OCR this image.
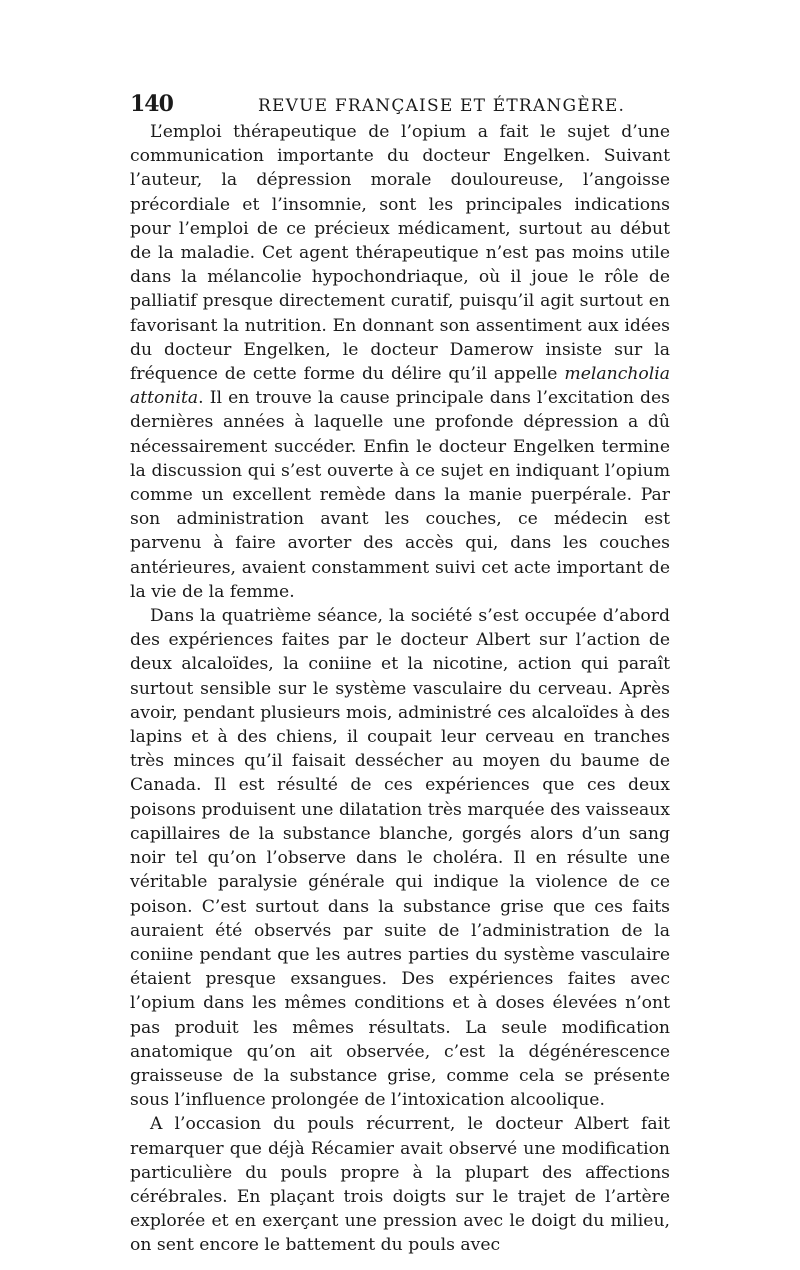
140	REVUE FRANÇAISE ET ÉTRANGÈRE.

L’emploi thérapeutique de l’opium a fait le sujet d’une communication importante du docteur Engelken. Suivant l’auteur, la dépression morale douloureuse, l’angoisse précordiale et l’insomnie, sont les principales indications pour l’emploi de ce précieux médicament, surtout au début de la maladie. Cet agent thérapeutique n’est pas moins utile dans la mélancolie hypochondriaque, où il joue le rôle de palliatif presque directement curatif, puisqu’il agit surtout en favorisant la nutrition. En donnant son assentiment aux idées du docteur Engelken, le docteur Damerow insiste sur la fréquence de cette forme du délire qu’il appelle melancholia attonita. Il en trouve la cause principale dans l’excitation des dernières années à laquelle une profonde dépression a dû nécessairement succéder. Enfin le docteur Engelken termine la discussion qui s’est ouverte à ce sujet en indiquant l’opium comme un excellent remède dans la manie puerpérale. Par son administration avant les couches, ce médecin est parvenu à faire avorter des accès qui, dans les couches antérieures, avaient constamment suivi cet acte important de la vie de la femme.

Dans la quatrième séance, la société s’est occupée d’abord des expériences faites par le docteur Albert sur l’action de deux alcaloïdes, la coniine et la nicotine, action qui paraît surtout sensible sur le système vasculaire du cerveau. Après avoir, pendant plusieurs mois, administré ces alcaloïdes à des lapins et à des chiens, il coupait leur cerveau en tranches très minces qu’il faisait dessécher au moyen du baume de Canada. Il est résulté de ces expériences que ces deux poisons produisent une dilatation très marquée des vaisseaux capillaires de la substance blanche, gorgés alors d’un sang noir tel qu’on l’observe dans le choléra. Il en résulte une véritable paralysie générale qui indique la violence de ce poison. C’est surtout dans la substance grise que ces faits auraient été observés par suite de l’administration de la coniine pendant que les autres parties du système vasculaire étaient presque exsangues. Des expériences faites avec l’opium dans les mêmes conditions et à doses élevées n’ont pas produit les mêmes résultats. La seule modification anatomique qu’on ait observée, c’est la dégénérescence graisseuse de la substance grise, comme cela se présente sous l’influence prolongée de l’intoxication alcoolique.

A l’occasion du pouls récurrent, le docteur Albert fait remarquer que déjà Récamier avait observé une modification particulière du pouls propre à la plupart des affections cérébrales. En plaçant trois doigts sur le trajet de l’artère explorée et en exerçant une pression avec le doigt du milieu, on sent encore le battement du pouls avec
